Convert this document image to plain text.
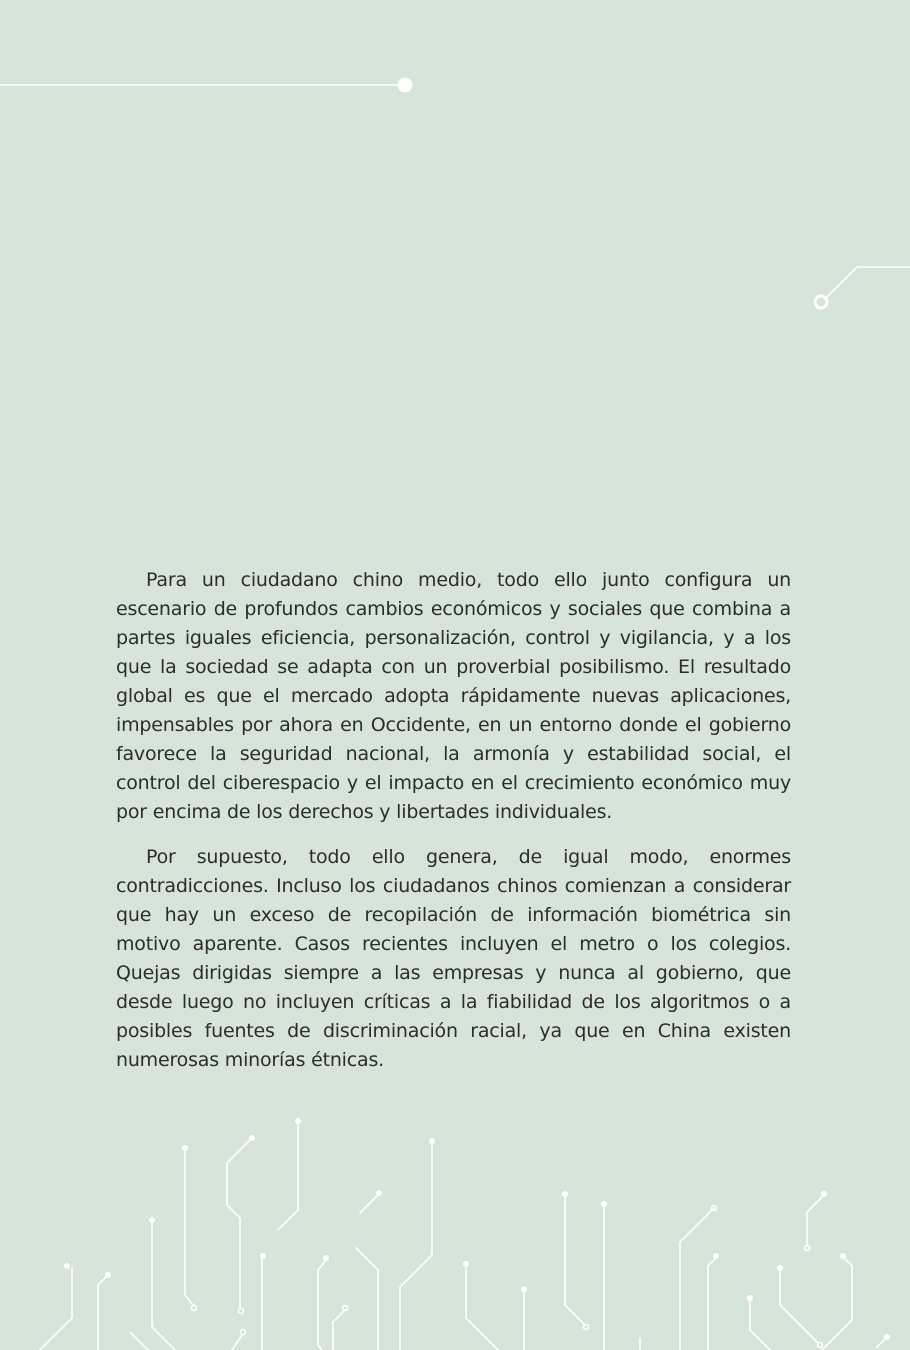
Para un ciudadano chino medio, todo ello junto configura un escenario de profundos cambios económicos y sociales que combina a partes iguales eficiencia, personalización, control y vigilancia, y a los que la sociedad se adapta con un proverbial posibilismo. El resultado global es que el mercado adopta rápidamente nuevas aplicaciones, impensables por ahora en Occidente, en un entorno donde el gobierno favorece la seguridad nacional, la armonía y estabilidad social, el control del ciberespacio y el impacto en el crecimiento económico muy por encima de los derechos y libertades individuales.

Por supuesto, todo ello genera, de igual modo, enormes contradicciones. Incluso los ciudadanos chinos comienzan a considerar que hay un exceso de recopilación de información biométrica sin motivo aparente. Casos recientes incluyen el metro o los colegios. Quejas dirigidas siempre a las empresas y nunca al gobierno, que desde luego no incluyen críticas a la fiabilidad de los algoritmos o a posibles fuentes de discriminación racial, ya que en China existen numerosas minorías étnicas.
